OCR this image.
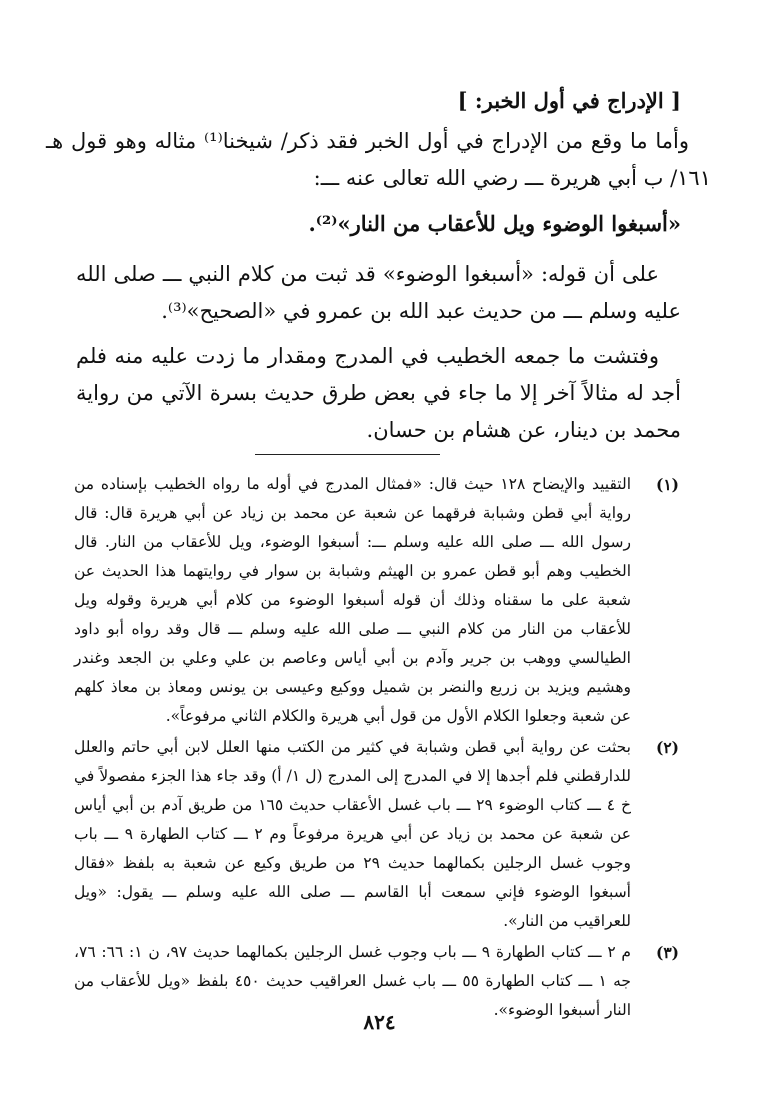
[ الإدراج في أول الخبر: ]

وأما ما وقع من الإدراج في أول الخبر فقد ذكر/ شيخنا⁽¹⁾ مثاله وهو قول هـ ١٦١/ ب أبي هريرة ـــ رضي الله تعالى عنه ـــ:

«أسبغوا الوضوء ويل للأعقاب من النار»⁽²⁾.

على أن قوله: «أسبغوا الوضوء» قد ثبت من كلام النبي ـــ صلى الله عليه وسلم ـــ من حديث عبد الله بن عمرو في «الصحيح»⁽³⁾.

وفتشت ما جمعه الخطيب في المدرج ومقدار ما زدت عليه منه فلم أجد له مثالاً آخر إلا ما جاء في بعض طرق حديث بسرة الآتي من رواية محمد بن دينار، عن هشام بن حسان.

(١)
التقييد والإيضاح ١٢٨ حيث قال: «فمثال المدرج في أوله ما رواه الخطيب بإسناده من رواية أبي قطن وشبابة فرقهما عن شعبة عن محمد بن زياد عن أبي هريرة قال: قال رسول الله ـــ صلى الله عليه وسلم ـــ: أسبغوا الوضوء، ويل للأعقاب من النار. قال الخطيب وهم أبو قطن عمرو بن الهيثم وشبابة بن سوار في روايتهما هذا الحديث عن شعبة على ما سقناه وذلك أن قوله أسبغوا الوضوء من كلام أبي هريرة وقوله ويل للأعقاب من النار من كلام النبي ـــ صلى الله عليه وسلم ـــ قال وقد رواه أبو داود الطيالسي ووهب بن جرير وآدم بن أبي أياس وعاصم بن علي وعلي بن الجعد وغندر وهشيم ويزيد بن زريع والنضر بن شميل ووكيع وعيسى بن يونس ومعاذ بن معاذ كلهم عن شعبة وجعلوا الكلام الأول من قول أبي هريرة والكلام الثاني مرفوعاً».
(٢)
بحثت عن رواية أبي قطن وشبابة في كثير من الكتب منها العلل لابن أبي حاتم والعلل للدارقطني فلم أجدها إلا في المدرج إلى المدرج (ل ١/ أ) وقد جاء هذا الجزء مفصولاً في خ ٤ ـــ كتاب الوضوء ٢٩ ـــ باب غسل الأعقاب حديث ١٦٥ من طريق آدم بن أبي أياس عن شعبة عن محمد بن زياد عن أبي هريرة مرفوعاً وم ٢ ـــ كتاب الطهارة ٩ ـــ باب وجوب غسل الرجلين بكمالهما حديث ٢٩ من طريق وكيع عن شعبة به بلفظ «فقال أسبغوا الوضوء فإني سمعت أبا القاسم ـــ صلى الله عليه وسلم ـــ يقول: «ويل للعراقيب من النار».
(٣)
م ٢ ـــ كتاب الطهارة ٩ ـــ باب وجوب غسل الرجلين بكمالهما حديث ٩٧، ن ١: ٦٦: ٧٦، جه ١ ـــ كتاب الطهارة ٥٥ ـــ باب غسل العراقيب حديث ٤٥٠ بلفظ «ويل للأعقاب من النار أسبغوا الوضوء».
٨٢٤
